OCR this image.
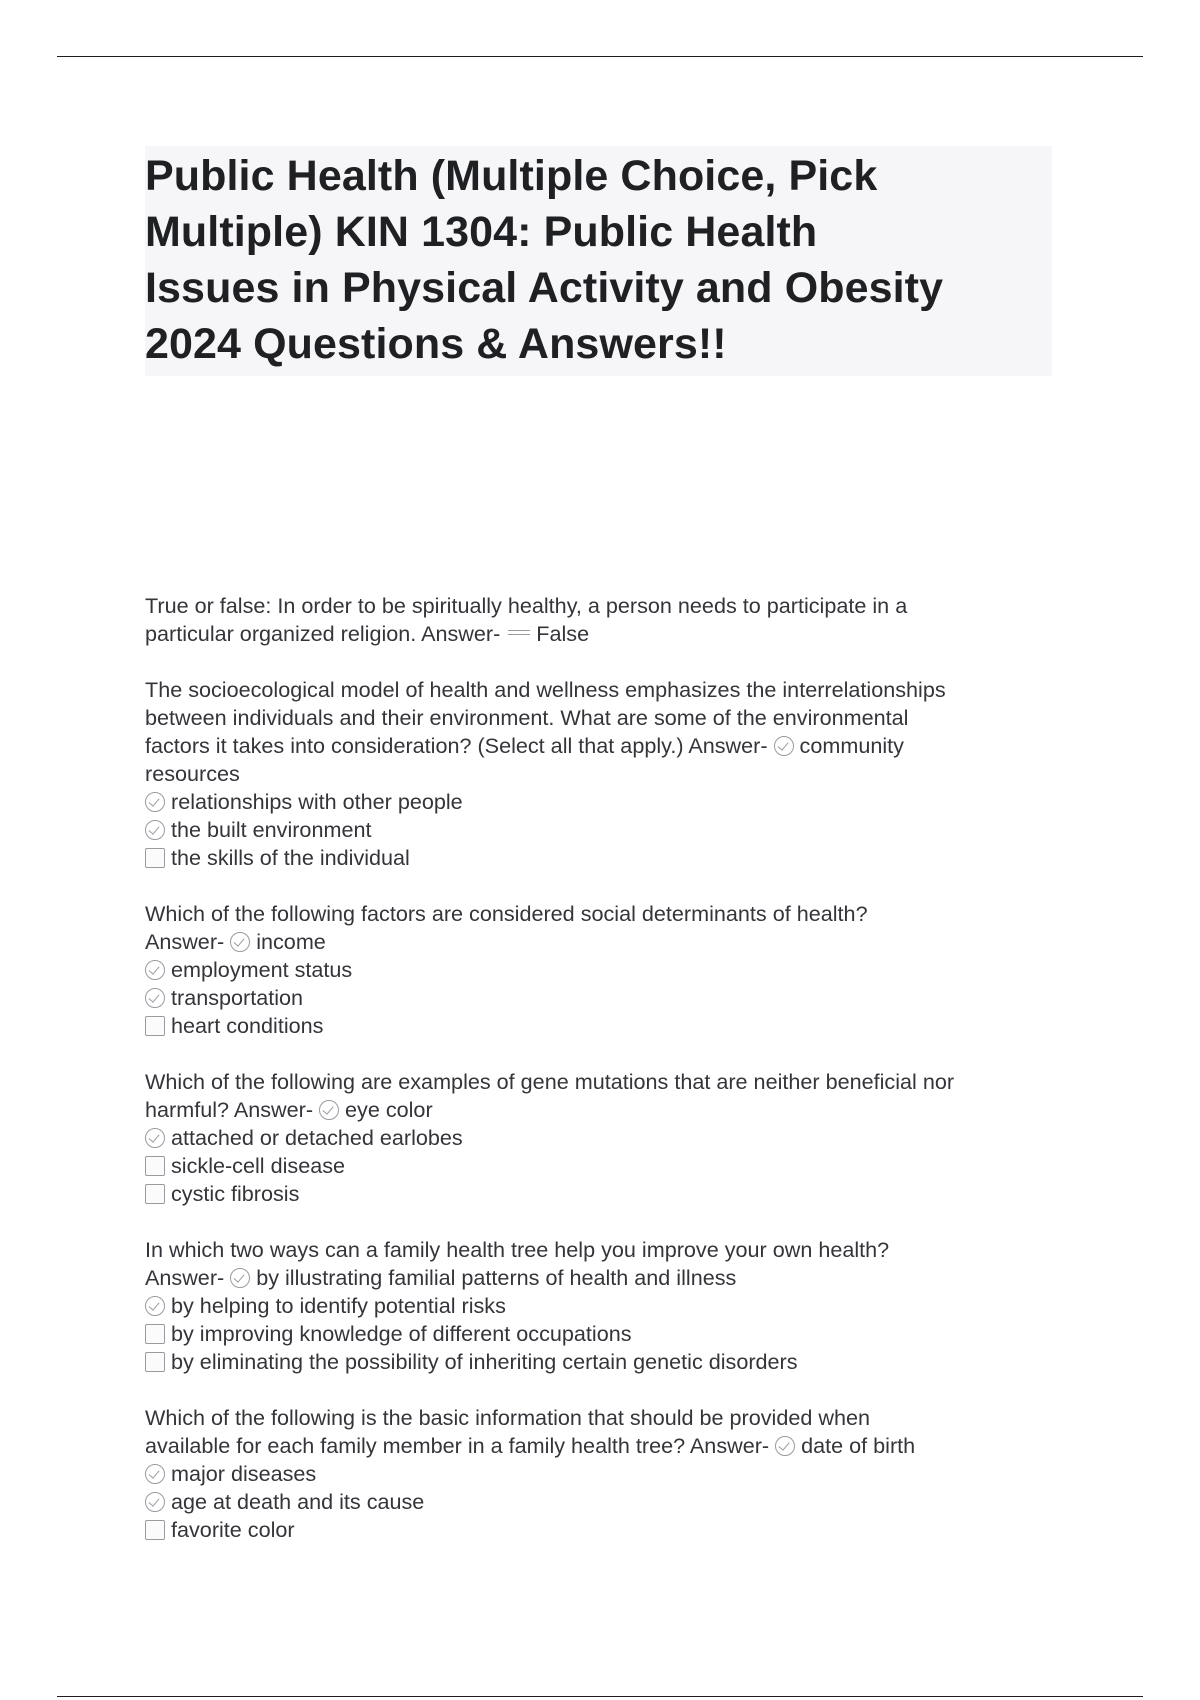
Public Health (Multiple Choice, Pick
Multiple) KIN 1304: Public Health
Issues in Physical Activity and Obesity
2024 Questions & Answers!!
True or false: In order to be spiritually healthy, a person needs to participate in a
particular organized religion. Answer- False
The socioecological model of health and wellness emphasizes the interrelationships
between individuals and their environment. What are some of the environmental
factors it takes into consideration? (Select all that apply.) Answer- community
resources
relationships with other people
the built environment
the skills of the individual
Which of the following factors are considered social determinants of health?
Answer- income
employment status
transportation
heart conditions
Which of the following are examples of gene mutations that are neither beneficial nor
harmful? Answer- eye color
attached or detached earlobes
sickle-cell disease
cystic fibrosis
In which two ways can a family health tree help you improve your own health?
Answer- by illustrating familial patterns of health and illness
by helping to identify potential risks
by improving knowledge of different occupations
by eliminating the possibility of inheriting certain genetic disorders
Which of the following is the basic information that should be provided when
available for each family member in a family health tree? Answer- date of birth
major diseases
age at death and its cause
favorite color
